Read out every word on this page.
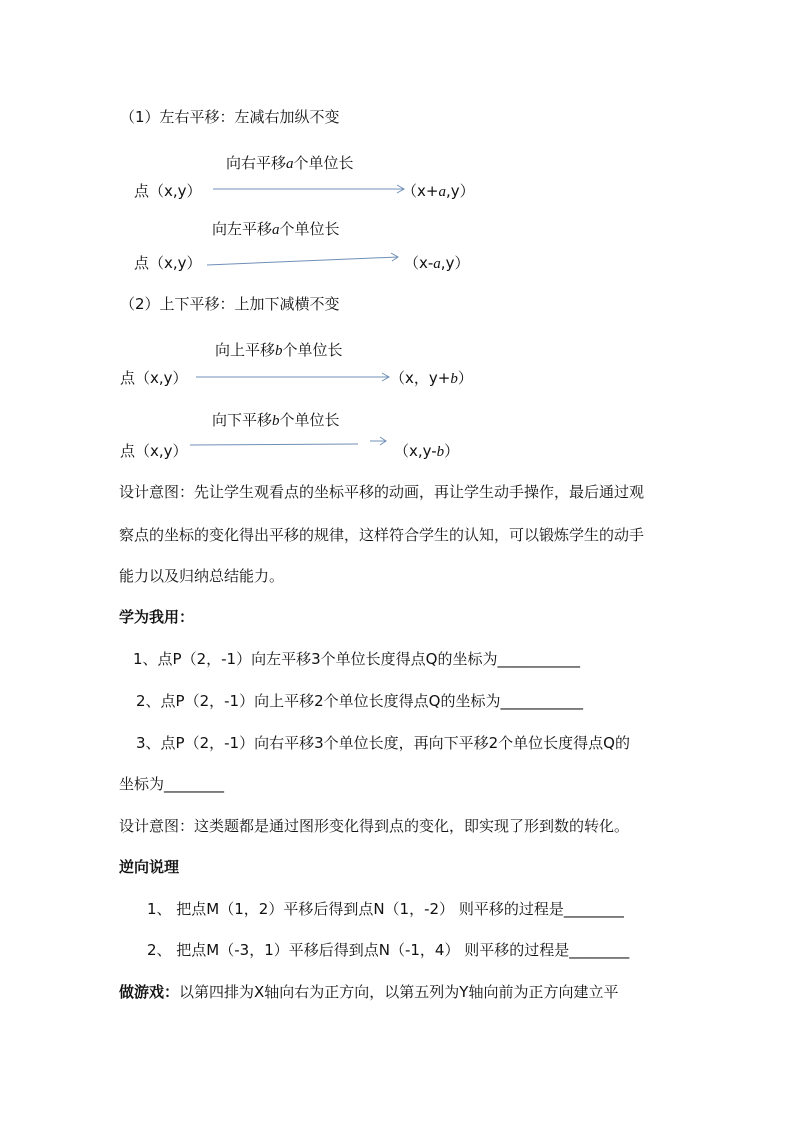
（1）左右平移：左减右加纵不变
向右平移a个单位长
点（x,y）	（x+a,y）
向左平移a个单位长
点（x,y）	（x-a,y）
（2）上下平移：上加下减横不变
向上平移b个单位长
点（x,y）	（x，y+b）
向下平移b个单位长
点（x,y）	（x,y-b）
设计意图：先让学生观看点的坐标平移的动画，再让学生动手操作，最后通过观
察点的坐标的变化得出平移的规律，这样符合学生的认知，可以锻炼学生的动手
能力以及归纳总结能力。
学为我用：
1、点P（2，-1）向左平移3个单位长度得点Q的坐标为___________
2、点P（2，-1）向上平移2个单位长度得点Q的坐标为___________
3、点P（2，-1）向右平移3个单位长度，再向下平移2个单位长度得点Q的
坐标为________
设计意图：这类题都是通过图形变化得到点的变化，即实现了形到数的转化。
逆向说理
1、 把点M（1，2）平移后得到点N（1，-2） 则平移的过程是________
2、 把点M（-3，1）平移后得到点N（-1，4） 则平移的过程是________
做游戏：以第四排为X轴向右为正方向，以第五列为Y轴向前为正方向建立平
